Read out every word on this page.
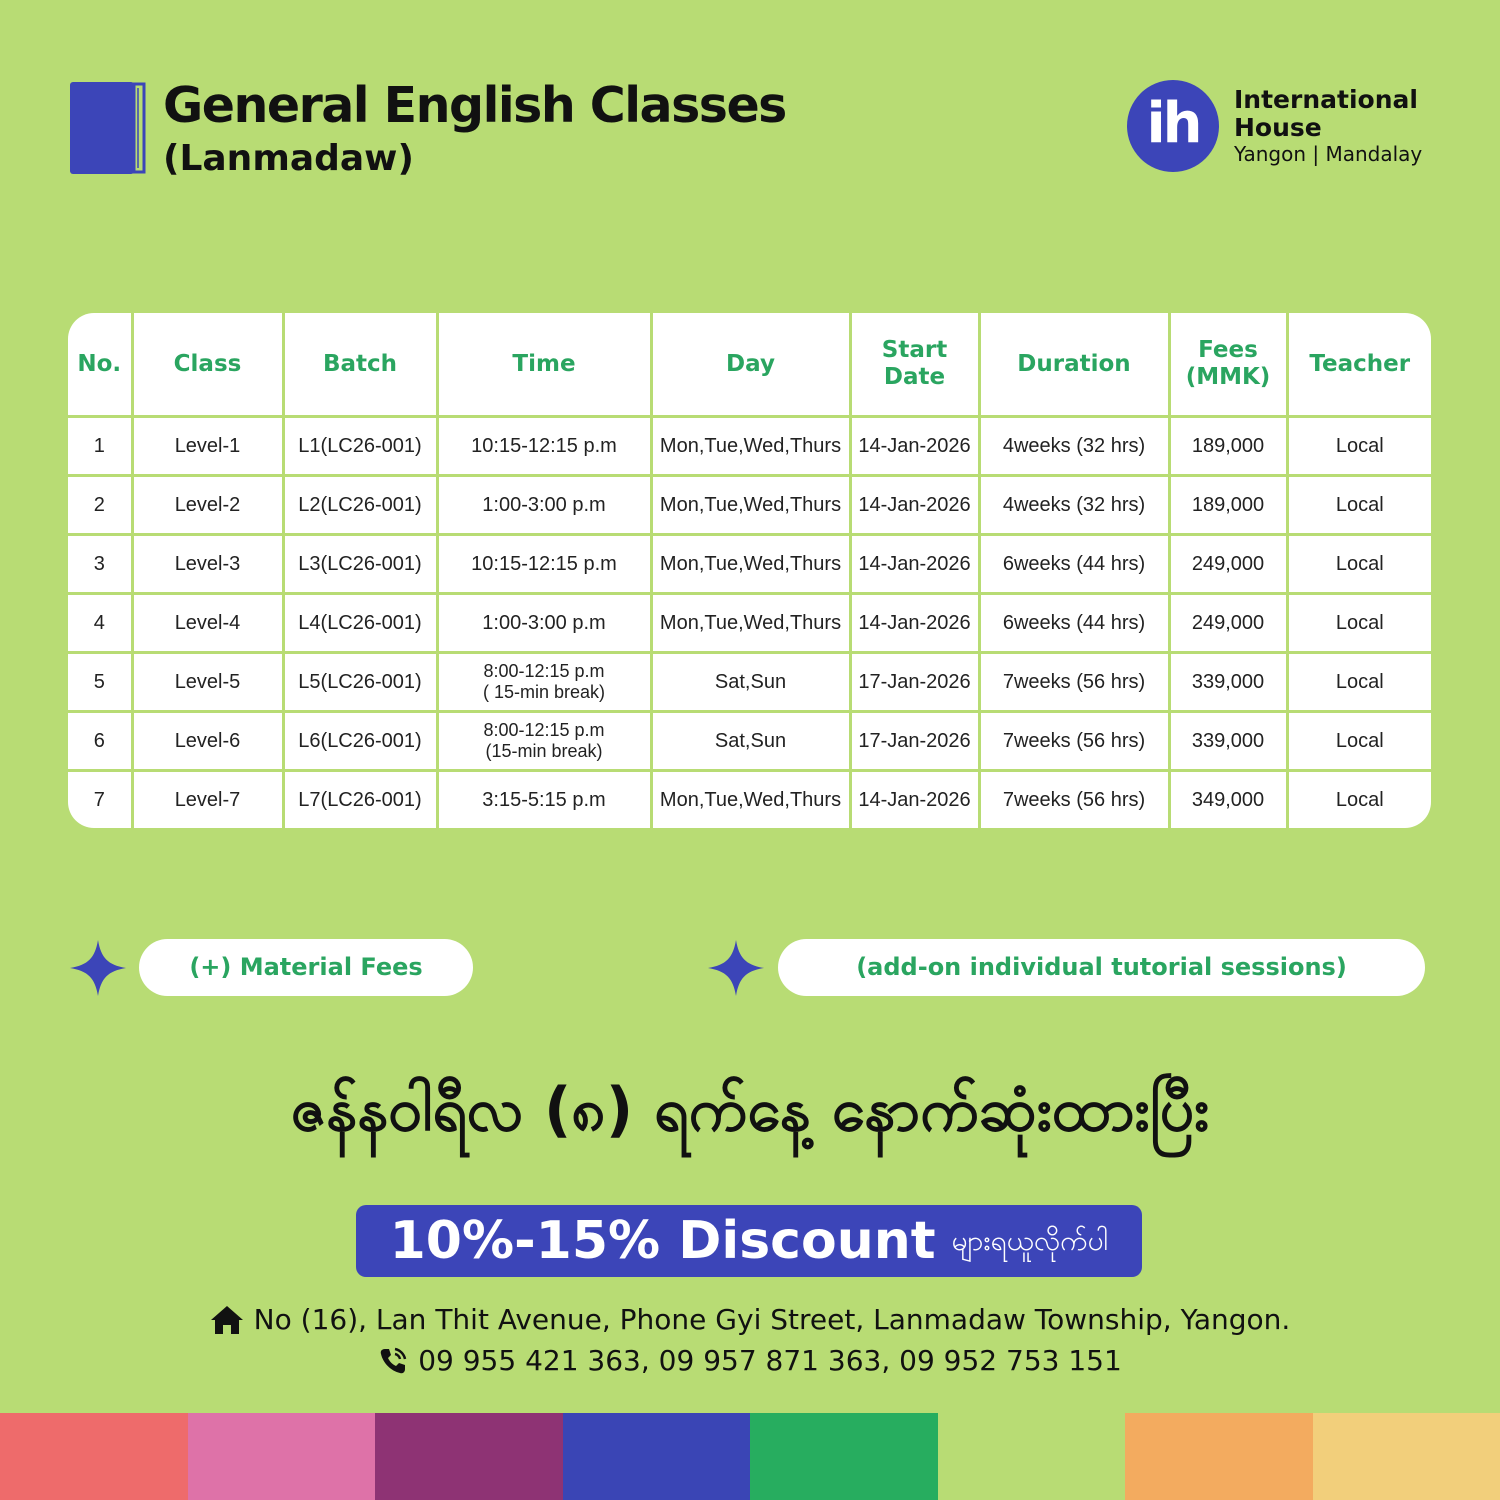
General English Classes
(Lanmadaw)
ih	International
House
Yangon | Mandalay
No.	Class	Batch	Time	Day	Start Date	Duration	Fees (MMK)	Teacher
1	Level-1	L1(LC26-001)	10:15-12:15 p.m	Mon,Tue,Wed,Thurs	14-Jan-2026	4weeks (32 hrs)	189,000	Local
2	Level-2	L2(LC26-001)	1:00-3:00 p.m	Mon,Tue,Wed,Thurs	14-Jan-2026	4weeks (32 hrs)	189,000	Local
3	Level-3	L3(LC26-001)	10:15-12:15 p.m	Mon,Tue,Wed,Thurs	14-Jan-2026	6weeks (44 hrs)	249,000	Local
4	Level-4	L4(LC26-001)	1:00-3:00 p.m	Mon,Tue,Wed,Thurs	14-Jan-2026	6weeks (44 hrs)	249,000	Local
5	Level-5	L5(LC26-001)	8:00-12:15 p.m
( 15-min break)	Sat,Sun	17-Jan-2026	7weeks (56 hrs)	339,000	Local
6	Level-6	L6(LC26-001)	8:00-12:15 p.m
(15-min break)	Sat,Sun	17-Jan-2026	7weeks (56 hrs)	339,000	Local
7	Level-7	L7(LC26-001)	3:15-5:15 p.m	Mon,Tue,Wed,Thurs	14-Jan-2026	7weeks (56 hrs)	349,000	Local
(+) Material Fees	(add-on individual tutorial sessions)
ဇန်နဝါရီလ (၈) ရက်နေ့ နောက်ဆုံးထားပြီး
10%-15% Discount များရယူလိုက်ပါ
No (16), Lan Thit Avenue, Phone Gyi Street, Lanmadaw Township, Yangon.
09 955 421 363, 09 957 871 363, 09 952 753 151
